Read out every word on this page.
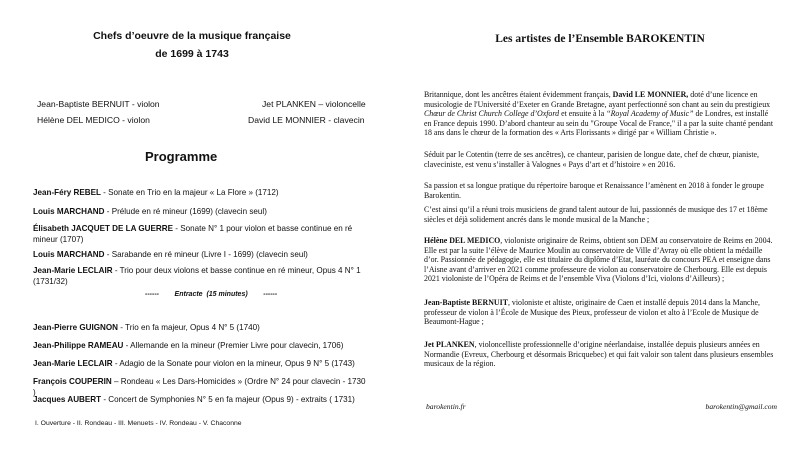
Chefs d’oeuvre de la musique française
de 1699 à 1743
Jean-Baptiste BERNUIT - violon	Jet PLANKEN – violoncelle
Hélène DEL MEDICO - violon	David LE MONNIER - clavecin
Programme
Jean-Féry REBEL - Sonate en Trio en la majeur « La Flore » (1712)
Louis MARCHAND - Prélude en ré mineur (1699) (clavecin seul)
Élisabeth JACQUET DE LA GUERRE - Sonate N° 1 pour violon et basse continue en ré mineur (1707)
Louis MARCHAND - Sarabande en ré mineur (Livre I - 1699) (clavecin seul)
Jean-Marie LECLAIR - Trio pour deux violons et basse continue en ré mineur, Opus 4 N° 1 (1731/32)
------        Entracte  (15 minutes)        ------
Jean-Pierre GUIGNON - Trio en fa majeur, Opus 4 N° 5 (1740)
Jean-Philippe RAMEAU - Allemande en la mineur (Premier Livre pour clavecin, 1706)
Jean-Marie LECLAIR - Adagio de la Sonate pour violon en la mineur, Opus 9 N° 5 (1743)
François COUPERIN – Rondeau « Les Dars-Homicides » (Ordre N° 24 pour clavecin - 1730 )
Jacques AUBERT - Concert de Symphonies N° 5 en fa majeur (Opus 9) - extraits ( 1731)
I. Ouverture - II. Rondeau - III. Menuets - IV. Rondeau - V. Chaconne
Les artistes de l’Ensemble BAROKENTIN
Britannique, dont les ancêtres étaient évidemment français, David LE MONNIER, doté d’une licence en musicologie de l'Université d’Exeter en Grande Bretagne, ayant perfectionné son chant au sein du prestigieux Chœur de Christ Church College d’Oxford et ensuite à la “Royal Academy of Music” de Londres, est installé en France depuis 1990. D’abord chanteur au sein du "Groupe Vocal de France," il a par la suite chanté pendant 18 ans dans le chœur de la formation des « Arts Florissants » dirigé par « William Christie ».
Séduit par le Cotentin (terre de ses ancêtres), ce chanteur, parisien de longue date, chef de chœur, pianiste, claveciniste, est venu s’installer à Valognes « Pays d’art et d’histoire » en 2016.
Sa passion et sa longue pratique du répertoire baroque et Renaissance l’amènent en 2018 à fonder le groupe Barokentin.
C’est ainsi qu’il a réuni trois musiciens de grand talent autour de lui, passionnés de musique des 17 et 18ème siècles et déjà solidement ancrés dans le monde musical de la Manche ;
Hélène DEL MEDICO, violoniste originaire de Reims, obtient son DEM au conservatoire de Reims en 2004. Elle est par la suite l’élève de Maurice Moulin au conservatoire de Ville d’Avray où elle obtient la médaille d’or. Passionnée de pédagogie, elle est titulaire du diplôme d’Etat, lauréate du concours PEA et enseigne dans l’Aisne avant d’arriver en 2021 comme professeure de violon au conservatoire de Cherbourg. Elle est depuis 2021 violoniste de l’Opéra de Reims et de l’ensemble Viva (Violons d’Ici, violons d’Ailleurs) ;
Jean-Baptiste BERNUIT, violoniste et altiste, originaire de Caen et installé depuis 2014 dans la Manche, professeur de violon à l’École de Musique des Pieux, professeur de violon et alto à l’Ecole de Musique de Beaumont-Hague ;
Jet PLANKEN, violoncelliste professionnelle d’origine néerlandaise, installée depuis plusieurs années en Normandie (Evreux, Cherbourg et désormais Bricquebec) et qui fait valoir son talent dans plusieurs ensembles musicaux de la région.
barokentin.fr	barokentin@gmail.com
